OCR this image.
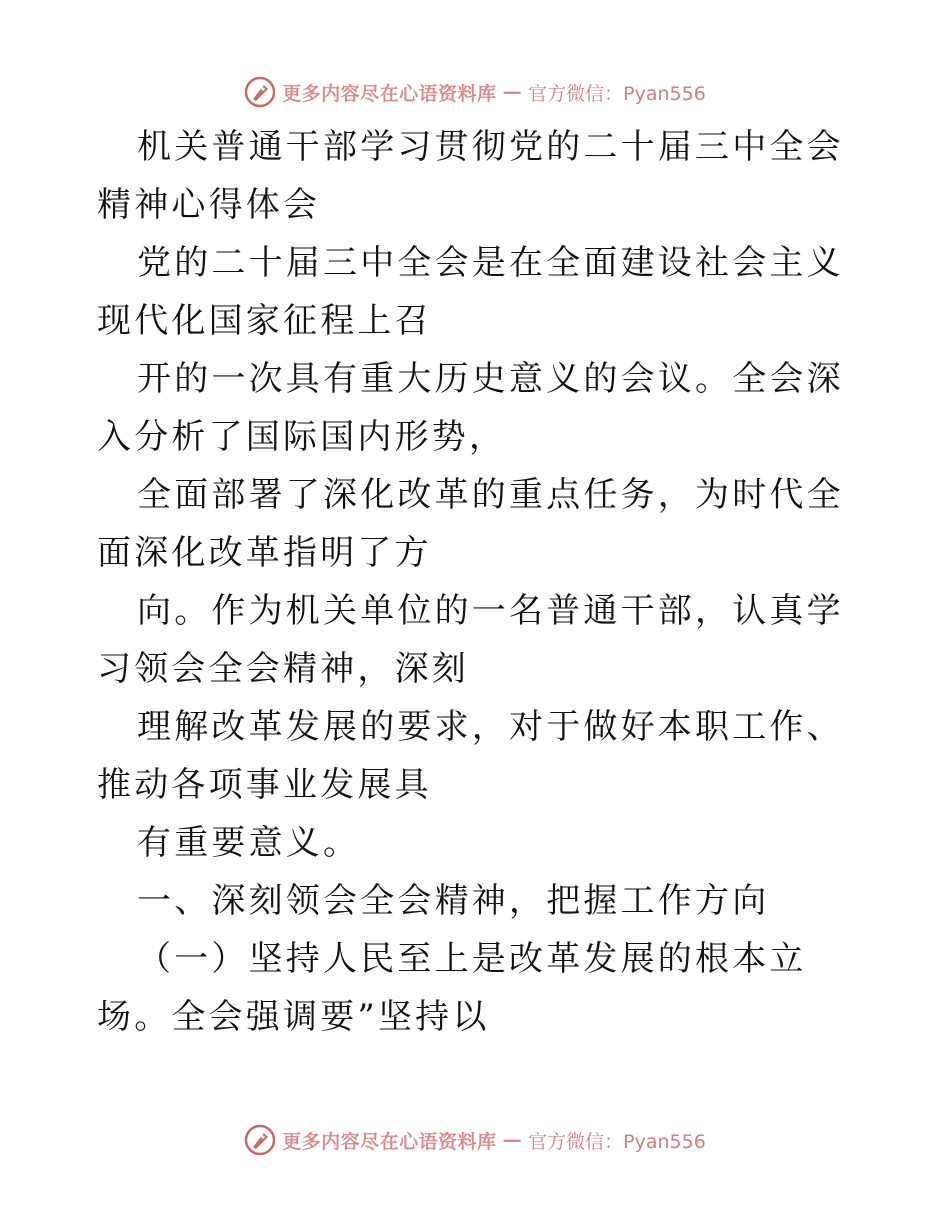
更多内容尽在心语资料库 — 官方微信：Pyan556

机关普通干部学习贯彻党的二十届三中全会精神心得体会

党的二十届三中全会是在全面建设社会主义现代化国家征程上召

开的一次具有重大历史意义的会议。全会深入分析了国际国内形势，

全面部署了深化改革的重点任务，为时代全面深化改革指明了方

向。作为机关单位的一名普通干部，认真学习领会全会精神，深刻

理解改革发展的要求，对于做好本职工作、推动各项事业发展具

有重要意义。

一、深刻领会全会精神，把握工作方向

（一）坚持人民至上是改革发展的根本立场。全会强调要”坚持以

更多内容尽在心语资料库 — 官方微信：Pyan556
